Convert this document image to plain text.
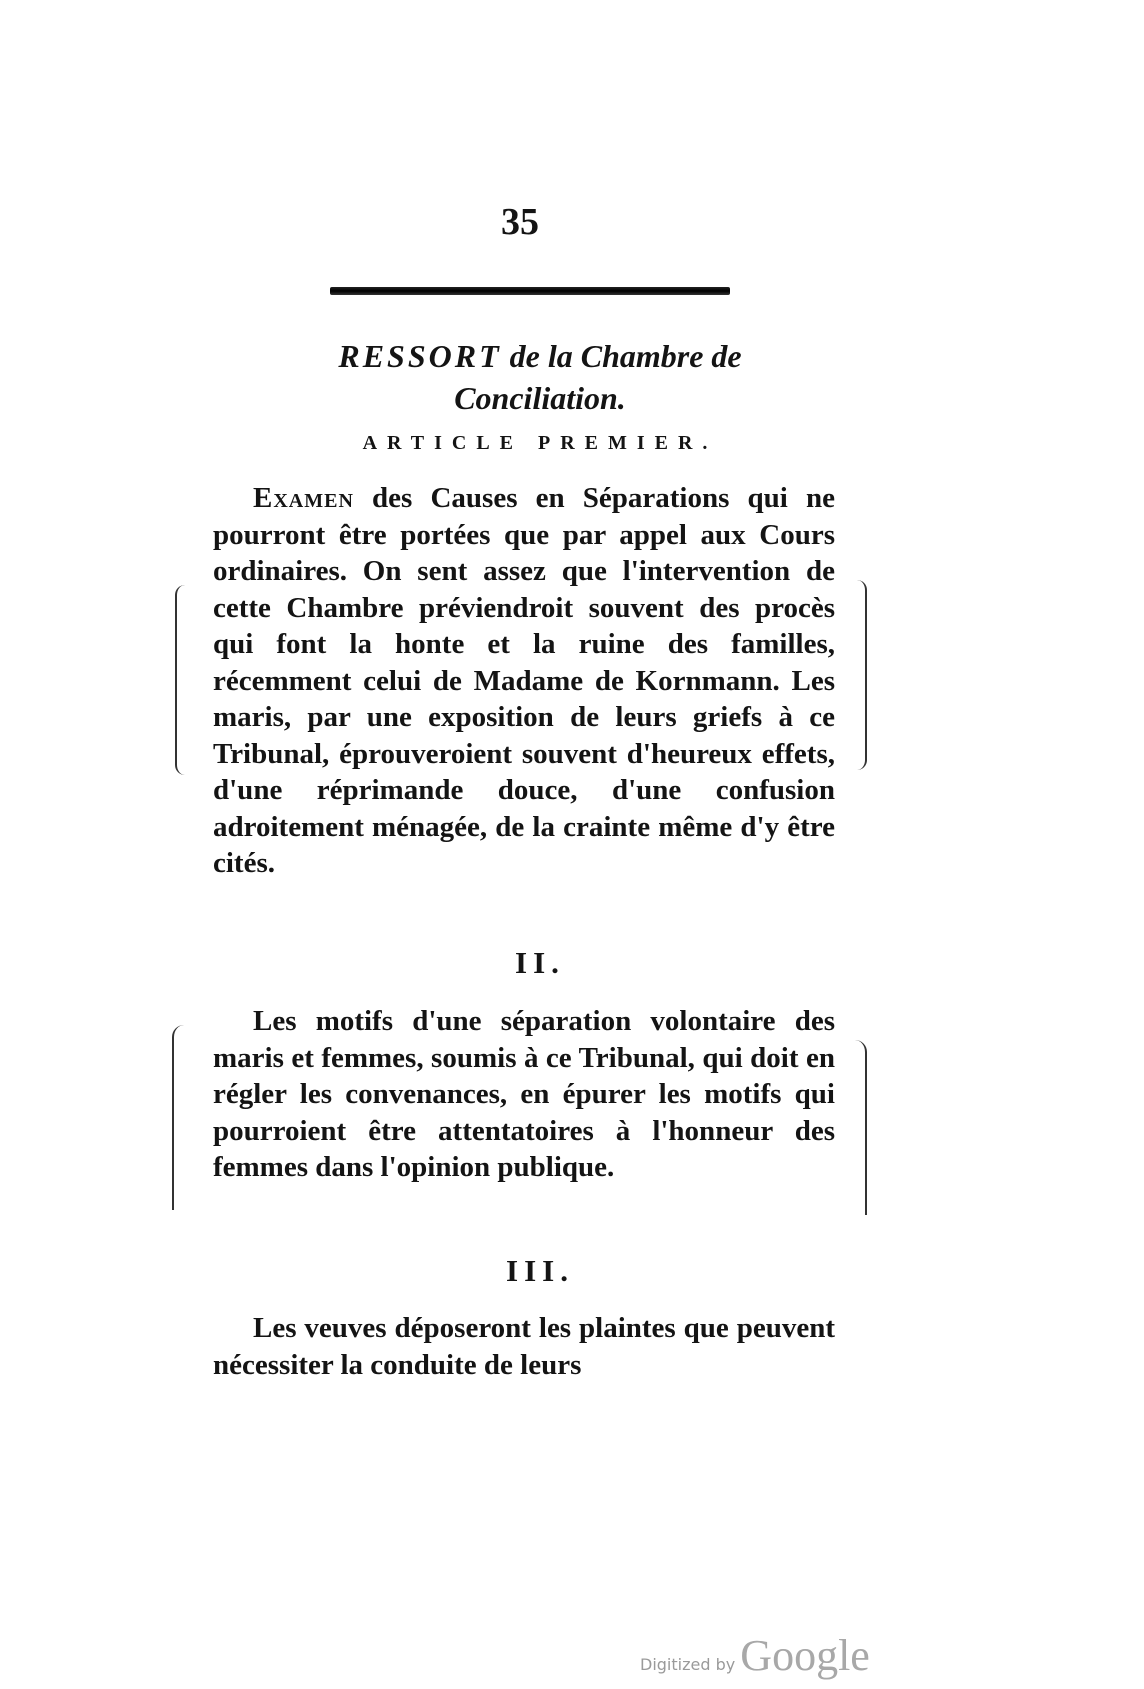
35
RESSORT de la Chambre de
Conciliation.
ARTICLE PREMIER.
Examen des Causes en Séparations qui ne pourront être portées que par appel aux Cours ordinaires. On sent assez que l'intervention de cette Chambre préviendroit souvent des procès qui font la honte et la ruine des familles, récemment celui de Madame de Kornmann. Les maris, par une exposition de leurs griefs à ce Tribunal, éprouveroient souvent d'heureux effets, d'une réprimande douce, d'une confusion adroitement ménagée, de la crainte même d'y être cités.
II.
Les motifs d'une séparation volontaire des maris et femmes, soumis à ce Tribunal, qui doit en régler les convenances, en épurer les motifs qui pourroient être attentatoires à l'honneur des femmes dans l'opinion publique.
III.
Les veuves déposeront les plaintes que peuvent nécessiter la conduite de leurs
Digitized by Google
